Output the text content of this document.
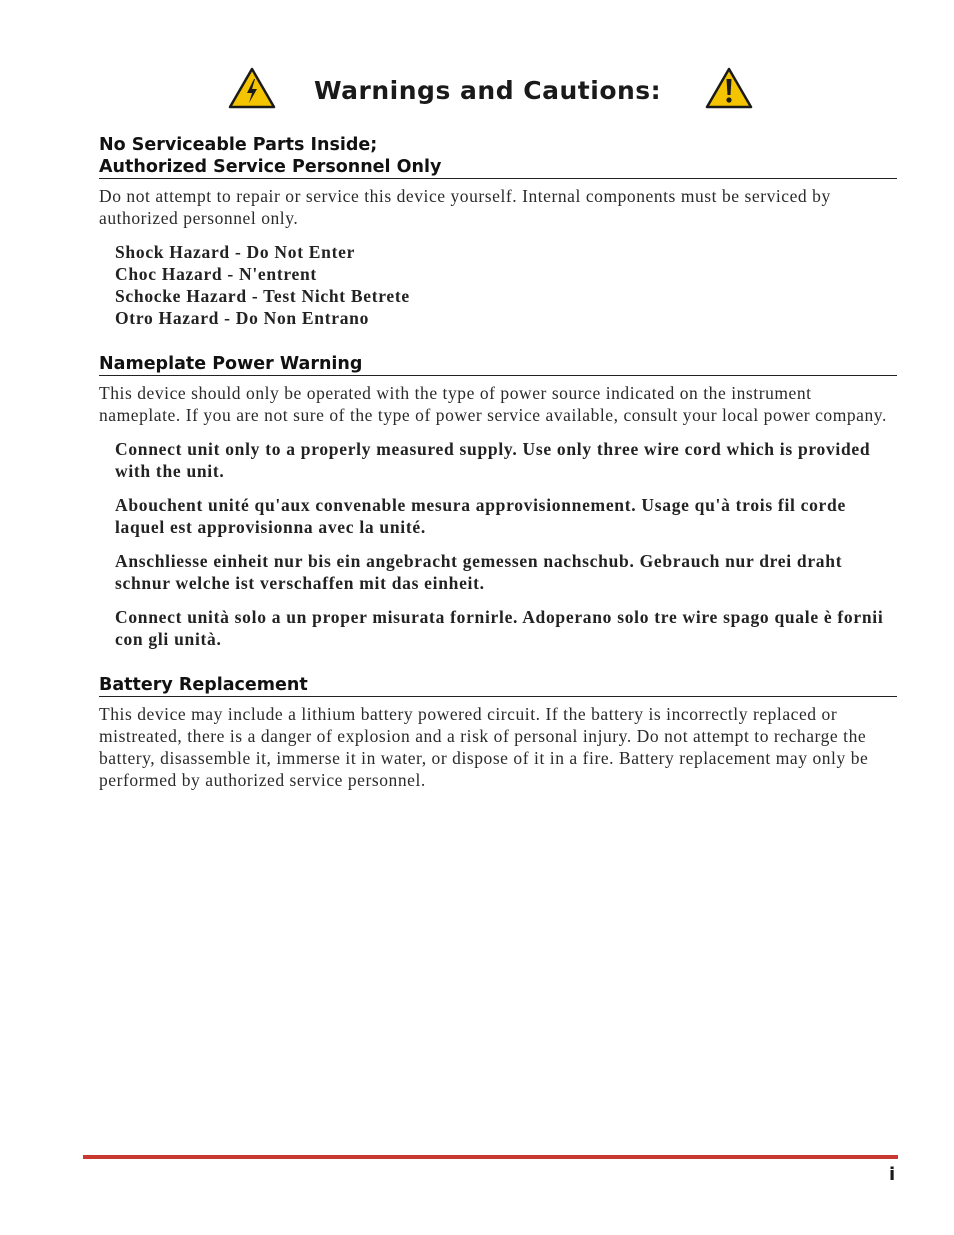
Warnings and Cautions:
No Serviceable Parts Inside;
Authorized Service Personnel Only

Do not attempt to repair or service this device yourself. Internal components must be serviced by authorized personnel only.

Shock Hazard - Do Not Enter

Choc Hazard - N'entrent

Schocke Hazard - Test Nicht Betrete

Otro Hazard - Do Non Entrano

Nameplate Power Warning

This device should only be operated with the type of power source indicated on the instrument nameplate. If you are not sure of the type of power service available, consult your local power company.

Connect unit only to a properly measured supply. Use only three wire cord which is provided with the unit.

Abouchent unité qu'aux convenable mesura approvisionnement. Usage qu'à trois fil corde laquel est approvisionna avec la unité.

Anschliesse einheit nur bis ein angebracht gemessen nachschub. Gebrauch nur drei draht schnur welche ist verschaffen mit das einheit.

Connect unità solo a un proper misurata fornirle. Adoperano solo tre wire spago quale è fornii con gli unità.

Battery Replacement

This device may include a lithium battery powered circuit. If the battery is incorrectly replaced or mistreated, there is a danger of explosion and a risk of personal injury. Do not attempt to recharge the battery, disassemble it, immerse it in water, or dispose of it in a fire. Battery replacement may only be performed by authorized service personnel.

i
